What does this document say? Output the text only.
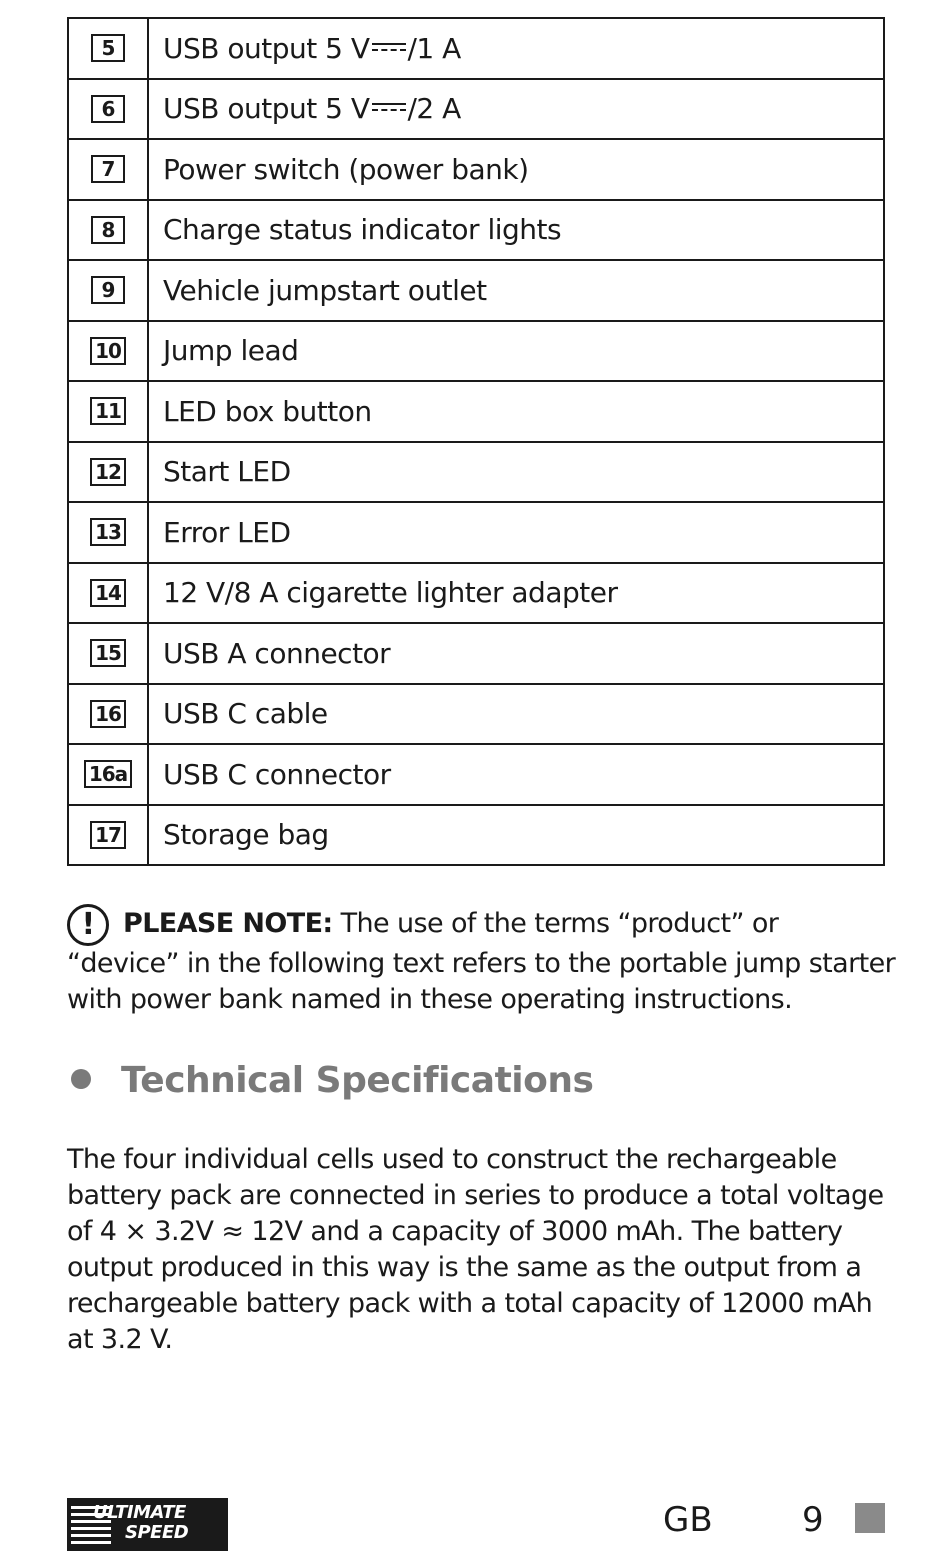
5	USB output 5 V /1 A
6	USB output 5 V /2 A
7	Power switch (power bank)
8	Charge status indicator lights
9	Vehicle jumpstart outlet
10	Jump lead
11	LED box button
12	Start LED
13	Error LED
14	12 V/8 A cigarette lighter adapter
15	USB A connector
16	USB C cable
16a	USB C connector
17	Storage bag
! PLEASE NOTE: The use of the terms “product” or “device” in the following text refers to the portable jump starter with power bank named in these operating instructions.
Technical Specifications
The four individual cells used to construct the rechargeable battery pack are connected in series to produce a total voltage of 4 × 3.2V ≈ 12V and a capacity of 3000 mAh. The battery output produced in this way is the same as the output from a rechargeable battery pack with a total capacity of 12000 mAh at 3.2 V.
ULTIMATE
SPEED	GB	9
